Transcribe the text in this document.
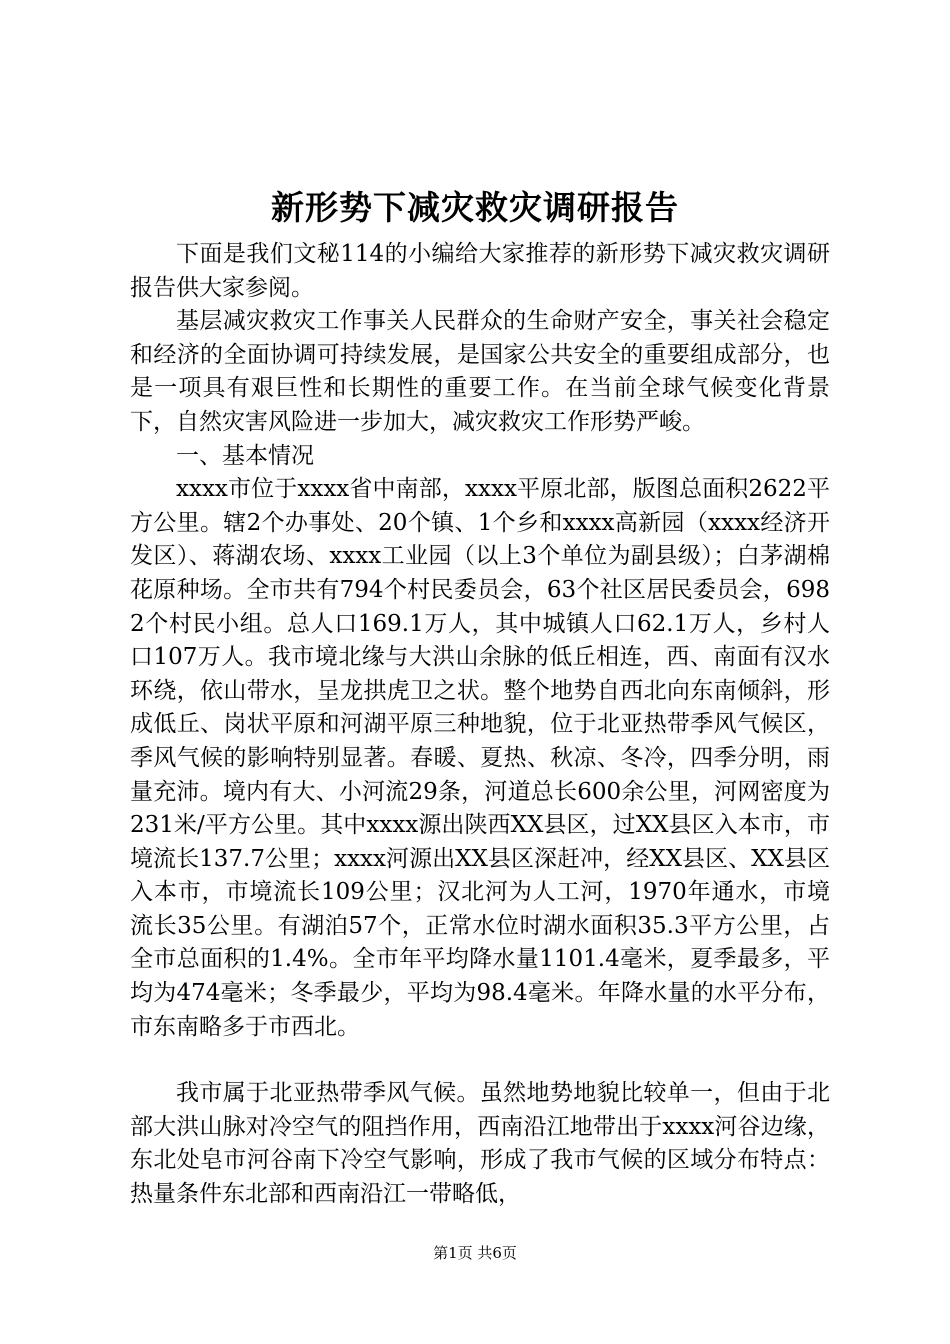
新形势下减灾救灾调研报告

下面是我们文秘114的小编给大家推荐的新形势下减灾救灾调研报告供大家参阅。

基层减灾救灾工作事关人民群众的生命财产安全，事关社会稳定和经济的全面协调可持续发展，是国家公共安全的重要组成部分，也是一项具有艰巨性和长期性的重要工作。在当前全球气候变化背景下，自然灾害风险进一步加大，减灾救灾工作形势严峻。

一、基本情况

xxxx市位于xxxx省中南部，xxxx平原北部，版图总面积2622平方公里。辖2个办事处、20个镇、1个乡和xxxx高新园（xxxx经济开发区）、蒋湖农场、xxxx工业园（以上3个单位为副县级）；白茅湖棉花原种场。全市共有794个村民委员会，63个社区居民委员会，6982个村民小组。总人口169.1万人，其中城镇人口62.1万人，乡村人口107万人。我市境北缘与大洪山余脉的低丘相连，西、南面有汉水环绕，依山带水，呈龙拱虎卫之状。整个地势自西北向东南倾斜，形成低丘、岗状平原和河湖平原三种地貌，位于北亚热带季风气候区，季风气候的影响特别显著。春暖、夏热、秋凉、冬冷，四季分明，雨量充沛。境内有大、小河流29条，河道总长600余公里，河网密度为231米/平方公里。其中xxxx源出陕西XX县区，过XX县区入本市，市境流长137.7公里；xxxx河源出XX县区深赶冲，经XX县区、XX县区入本市，市境流长109公里；汉北河为人工河，1970年通水，市境流长35公里。有湖泊57个，正常水位时湖水面积35.3平方公里，占全市总面积的1.4%。全市年平均降水量1101.4毫米，夏季最多，平均为474毫米；冬季最少，平均为98.4毫米。年降水量的水平分布，市东南略多于市西北。

我市属于北亚热带季风气候。虽然地势地貌比较单一，但由于北部大洪山脉对冷空气的阻挡作用，西南沿江地带出于xxxx河谷边缘，东北处皂市河谷南下冷空气影响，形成了我市气候的区域分布特点：热量条件东北部和西南沿江一带略低，

第1页 共6页
